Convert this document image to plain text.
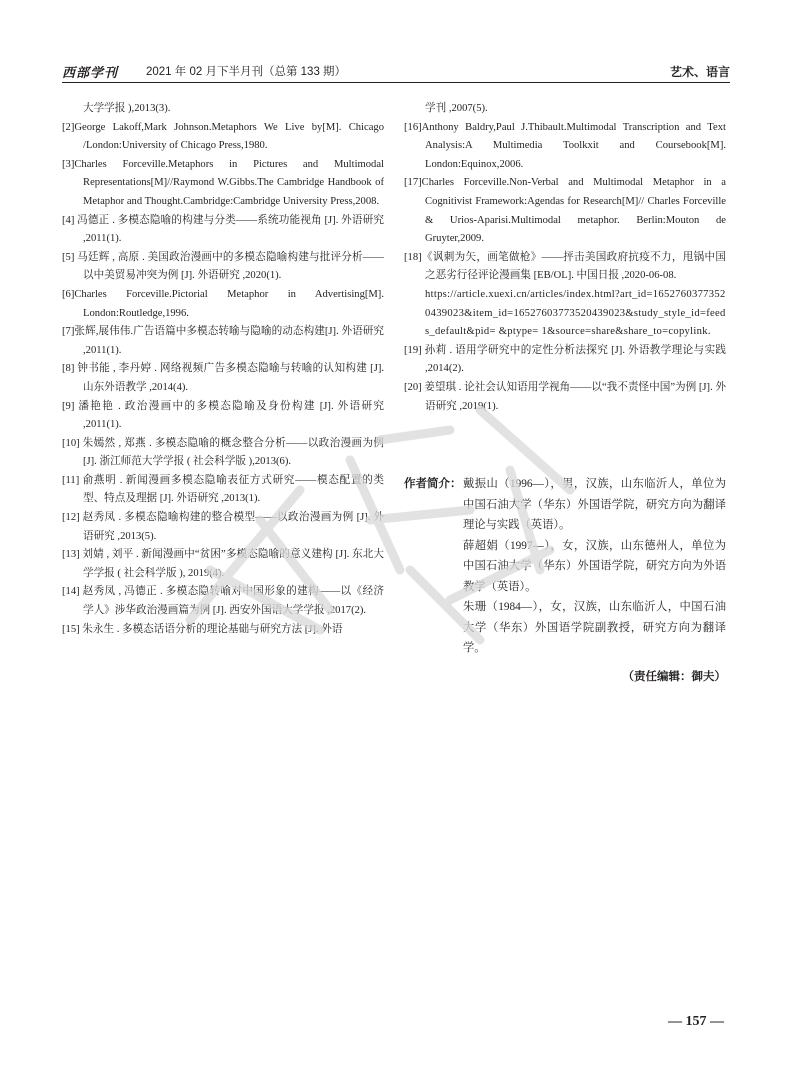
西部学刊 2021 年 02 月下半月刊（总第 133 期）	艺术、语言
大学学报 ),2013(3).
[2]George Lakoff,Mark Johnson.Metaphors We Live by[M]. Chicago /London:University of Chicago Press,1980.
[3]Charles Forceville.Metaphors in Pictures and Multimodal Representations[M]//Raymond W.Gibbs.The Cambridge Handbook of Metaphor and Thought.Cambridge:Cambridge University Press,2008.
[4] 冯德正 . 多模态隐喻的构建与分类——系统功能视角 [J]. 外语研究 ,2011(1).
[5] 马廷辉 , 高原 . 美国政治漫画中的多模态隐喻构建与批评分析——以中美贸易冲突为例 [J]. 外语研究 ,2020(1).
[6]Charles Forceville.Pictorial Metaphor in Advertising[M]. London:Routledge,1996.
[7]张辉,展伟伟.广告语篇中多模态转喻与隐喻的动态构建[J]. 外语研究 ,2011(1).
[8] 钟书能 , 李丹婷 . 网络视频广告多模态隐喻与转喻的认知构建 [J]. 山东外语教学 ,2014(4).
[9] 潘艳艳 . 政治漫画中的多模态隐喻及身份构建 [J]. 外语研究 ,2011(1).
[10] 朱嫣然 , 郑燕 . 多模态隐喻的概念整合分析——以政治漫画为例 [J]. 浙江师范大学学报 ( 社会科学版 ),2013(6).
[11] 俞燕明 . 新闻漫画多模态隐喻表征方式研究——模态配置的类型、特点及理据 [J]. 外语研究 ,2013(1).
[12] 赵秀凤 . 多模态隐喻构建的整合模型——以政治漫画为例 [J]. 外语研究 ,2013(5).
[13] 刘婧 , 刘平 . 新闻漫画中“贫困”多模态隐喻的意义建构 [J]. 东北大学学报 ( 社会科学版 ), 2019(4).
[14] 赵秀凤 , 冯德正 . 多模态隐转喻对中国形象的建构——以《经济学人》涉华政治漫画篇为例 [J]. 西安外国语大学学报 ,2017(2).
[15] 朱永生 . 多模态话语分析的理论基础与研究方法 [J]. 外语
学刊 ,2007(5).
[16]Anthony Baldry,Paul J.Thibault.Multimodal Transcription and Text Analysis:A Multimedia Toolkxit and Coursebook[M]. London:Equinox,2006.
[17]Charles Forceville.Non-Verbal and Multimodal Metaphor in a Cognitivist Framework:Agendas for Research[M]// Charles Forceville & Urios-Aparisi.Multimodal metaphor. Berlin:Mouton de Gruyter,2009.
[18]《讽刺为矢，画笔做枪》——抨击美国政府抗疫不力，甩锅中国之恶劣行径评论漫画集 [EB/OL]. 中国日报 ,2020-06-08.
https://article.xuexi.cn/articles/index.html?art_id=16527603773520439023&item_id=16527603773520439023&study_style_id=feeds_default&pid= &ptype= 1&source=share&share_to=copylink.
[19] 孙莉 . 语用学研究中的定性分析法探究 [J]. 外语教学理论与实践 ,2014(2).
[20] 姜望琪 . 论社会认知语用学视角——以“我不责怪中国”为例 [J]. 外语研究 ,2019(1).
作者简介： 戴振山（1996—），男，汉族，山东临沂人，单位为中国石油大学（华东）外国语学院，研究方向为翻译理论与实践（英语）。

薛超娟（1997—），女，汉族，山东德州人，单位为中国石油大学（华东）外国语学院，研究方向为外语教学（英语）。

朱珊（1984—），女，汉族，山东临沂人，中国石油大学（华东）外国语学院副教授，研究方向为翻译学。

（责任编辑：御夫）
— 157 —
